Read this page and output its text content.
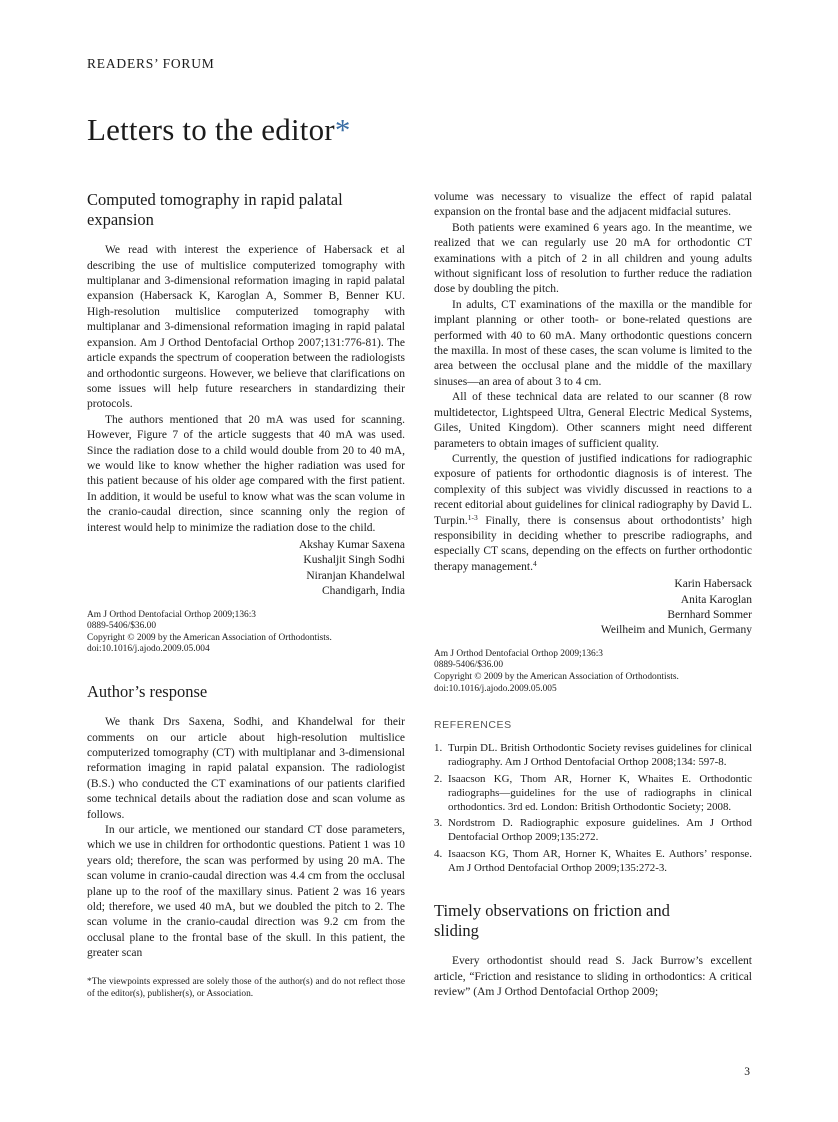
READERS’ FORUM
Letters to the editor*
Computed tomography in rapid palatal expansion

We read with interest the experience of Habersack et al describing the use of multislice computerized tomography with multiplanar and 3-dimensional reformation imaging in rapid palatal expansion (Habersack K, Karoglan A, Sommer B, Benner KU. High-resolution multislice computerized tomography with multiplanar and 3-dimensional reformation imaging in rapid palatal expansion. Am J Orthod Dentofacial Orthop 2007;131:776-81). The article expands the spectrum of cooperation between the radiologists and orthodontic surgeons. However, we believe that clarifications on some issues will help future researchers in standardizing their protocols.

The authors mentioned that 20 mA was used for scanning. However, Figure 7 of the article suggests that 40 mA was used. Since the radiation dose to a child would double from 20 to 40 mA, we would like to know whether the higher radiation was used for this patient because of his older age compared with the first patient. In addition, it would be useful to know what was the scan volume in the cranio-caudal direction, since scanning only the region of interest would help to minimize the radiation dose to the child.

Akshay Kumar Saxena
Kushaljit Singh Sodhi
Niranjan Khandelwal
Chandigarh, India
Am J Orthod Dentofacial Orthop 2009;136:3
0889-5406/$36.00
Copyright © 2009 by the American Association of Orthodontists.
doi:10.1016/j.ajodo.2009.05.004
Author’s response

We thank Drs Saxena, Sodhi, and Khandelwal for their comments on our article about high-resolution multislice computerized tomography (CT) with multiplanar and 3-dimensional reformation imaging in rapid palatal expansion. The radiologist (B.S.) who conducted the CT examinations of our patients clarified some technical details about the radiation dose and scan volume as follows.

In our article, we mentioned our standard CT dose parameters, which we use in children for orthodontic questions. Patient 1 was 10 years old; therefore, the scan was performed by using 20 mA. The scan volume in cranio-caudal direction was 4.4 cm from the occlusal plane up to the roof of the maxillary sinus. Patient 2 was 16 years old; therefore, we used 40 mA, but we doubled the pitch to 2. The scan volume in the cranio-caudal direction was 9.2 cm from the occlusal plane to the frontal base of the skull. In this patient, the greater scan

*The viewpoints expressed are solely those of the author(s) and do not reflect those of the editor(s), publisher(s), or Association.

volume was necessary to visualize the effect of rapid palatal expansion on the frontal base and the adjacent midfacial sutures.

Both patients were examined 6 years ago. In the meantime, we realized that we can regularly use 20 mA for orthodontic CT examinations with a pitch of 2 in all children and young adults without significant loss of resolution to further reduce the radiation dose by doubling the pitch.

In adults, CT examinations of the maxilla or the mandible for implant planning or other tooth- or bone-related questions are performed with 40 to 60 mA. Many orthodontic questions concern the maxilla. In most of these cases, the scan volume is limited to the area between the occlusal plane and the middle of the maxillary sinuses—an area of about 3 to 4 cm.

All of these technical data are related to our scanner (8 row multidetector, Lightspeed Ultra, General Electric Medical Systems, Giles, United Kingdom). Other scanners might need different parameters to obtain images of sufficient quality.

Currently, the question of justified indications for radiographic exposure of patients for orthodontic diagnosis is of interest. The complexity of this subject was vividly discussed in reactions to a recent editorial about guidelines for clinical radiography by David L. Turpin.$^{1-3}$ Finally, there is consensus about orthodontists’ high responsibility in deciding whether to prescribe radiographs, and especially CT scans, depending on the effects on further orthodontic therapy management.$^4$

Karin Habersack
Anita Karoglan
Bernhard Sommer
Weilheim and Munich, Germany
Am J Orthod Dentofacial Orthop 2009;136:3
0889-5406/$36.00
Copyright © 2009 by the American Association of Orthodontists.
doi:10.1016/j.ajodo.2009.05.005
REFERENCES
1. Turpin DL. British Orthodontic Society revises guidelines for clinical radiography. Am J Orthod Dentofacial Orthop 2008;134: 597-8.
2. Isaacson KG, Thom AR, Horner K, Whaites E. Orthodontic radiographs—guidelines for the use of radiographs in clinical orthodontics. 3rd ed. London: British Orthodontic Society; 2008.
3. Nordstrom D. Radiographic exposure guidelines. Am J Orthod Dentofacial Orthop 2009;135:272.
4. Isaacson KG, Thom AR, Horner K, Whaites E. Authors’ response. Am J Orthod Dentofacial Orthop 2009;135:272-3.
Timely observations on friction and sliding

Every orthodontist should read S. Jack Burrow’s excellent article, “Friction and resistance to sliding in orthodontics: A critical review” (Am J Orthod Dentofacial Orthop 2009;

3
